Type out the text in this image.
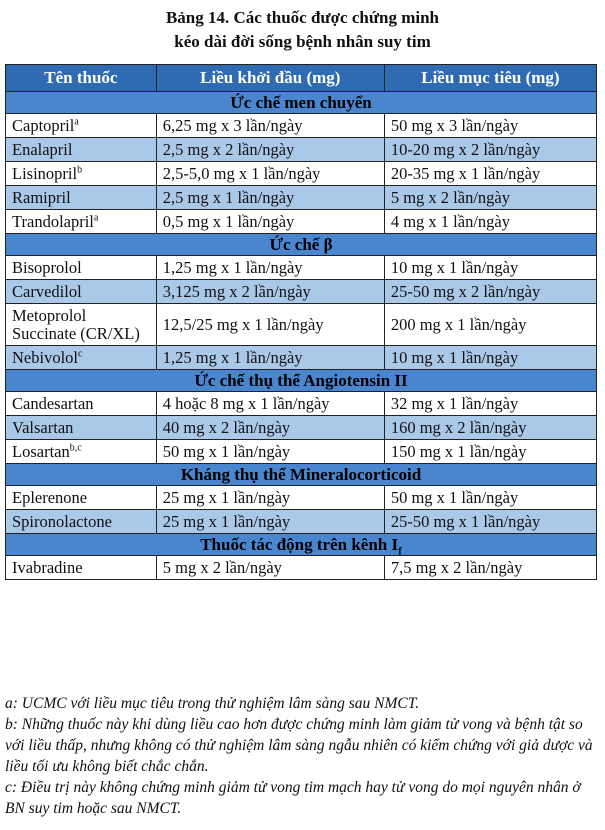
Bảng 14. Các thuốc được chứng minh
kéo dài đời sống bệnh nhân suy tim
Tên thuốc	Liều khởi đầu (mg)	Liều mục tiêu (mg)
Ức chế men chuyển		
Captopril$^a$	6,25 mg x 3 lần/ngày	50 mg x 3 lần/ngày
Enalapril	2,5 mg x 2 lần/ngày	10-20 mg x 2 lần/ngày
Lisinopril$^b$	2,5-5,0 mg x 1 lần/ngày	20-35 mg x 1 lần/ngày
Ramipril	2,5 mg x 1 lần/ngày	5 mg x 2 lần/ngày
Trandolapril$^a$	0,5 mg x 1 lần/ngày	4 mg x 1 lần/ngày
Ức chế β		
Bisoprolol	1,25 mg x 1 lần/ngày	10 mg x 1 lần/ngày
Carvedilol	3,125 mg x 2 lần/ngày	25-50 mg x 2 lần/ngày
Metoprolol Succinate (CR/XL)	12,5/25 mg x 1 lần/ngày	200 mg x 1 lần/ngày
Nebivolol$^c$	1,25 mg x 1 lần/ngày	10 mg x 1 lần/ngày
Ức chế thụ thể Angiotensin II		
Candesartan	4 hoặc 8 mg x 1 lần/ngày	32 mg x 1 lần/ngày
Valsartan	40 mg x 2 lần/ngày	160 mg x 2 lần/ngày
Losartan$^{b,c}$	50 mg x 1 lần/ngày	150 mg x 1 lần/ngày
Kháng thụ thể Mineralocorticoid		
Eplerenone	25 mg x 1 lần/ngày	50 mg x 1 lần/ngày
Spironolactone	25 mg x 1 lần/ngày	25-50 mg x 1 lần/ngày
Thuốc tác động trên kênh $I_f$
Ivabradine	5 mg x 2 lần/ngày	7,5 mg x 2 lần/ngày

a: UCMC với liều mục tiêu trong thử nghiệm lâm sàng sau NMCT.

b: Những thuốc này khi dùng liều cao hơn được chứng minh làm giảm tử vong và bệnh tật so với liều thấp, nhưng không có thử nghiệm lâm sàng ngẫu nhiên có kiểm chứng với giả dược và liều tối ưu không biết chắc chắn.

c: Điều trị này không chứng minh giảm tử vong tim mạch hay tử vong do mọi nguyên nhân ở BN suy tim hoặc sau NMCT.
